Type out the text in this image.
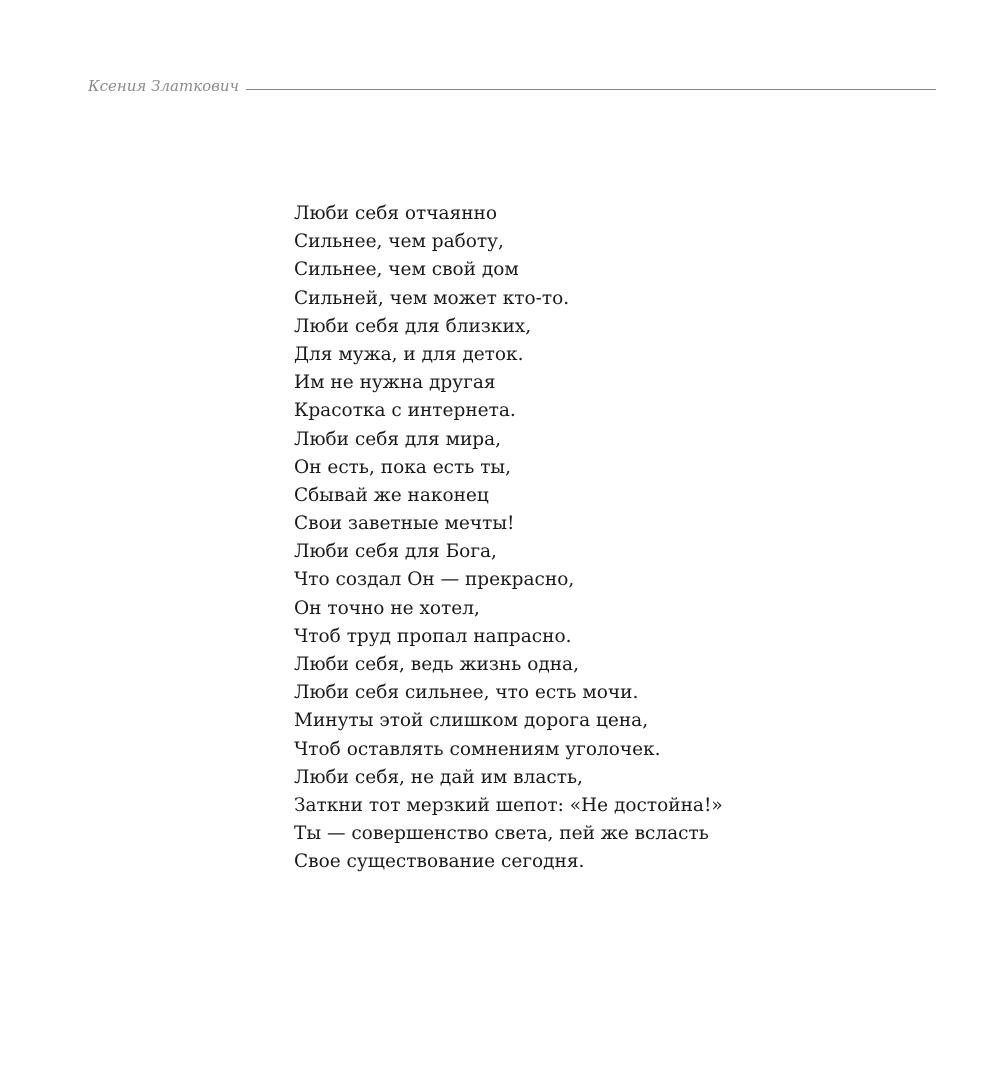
Ксения Златкович
Люби себя отчаянно
Сильнее, чем работу,
Сильнее, чем свой дом
Сильней, чем может кто-то.
Люби себя для близких,
Для мужа, и для деток.
Им не нужна другая
Красотка с интернета.
Люби себя для мира,
Он есть, пока есть ты,
Сбывай же наконец
Свои заветные мечты!
Люби себя для Бога,
Что создал Он — прекрасно,
Он точно не хотел,
Чтоб труд пропал напрасно.
Люби себя, ведь жизнь одна,
Люби себя сильнее, что есть мочи.
Минуты этой слишком дорога цена,
Чтоб оставлять сомнениям уголочек.
Люби себя, не дай им власть,
Заткни тот мерзкий шепот: «Не достойна!»
Ты — совершенство света, пей же всласть
Свое существование сегодня.
